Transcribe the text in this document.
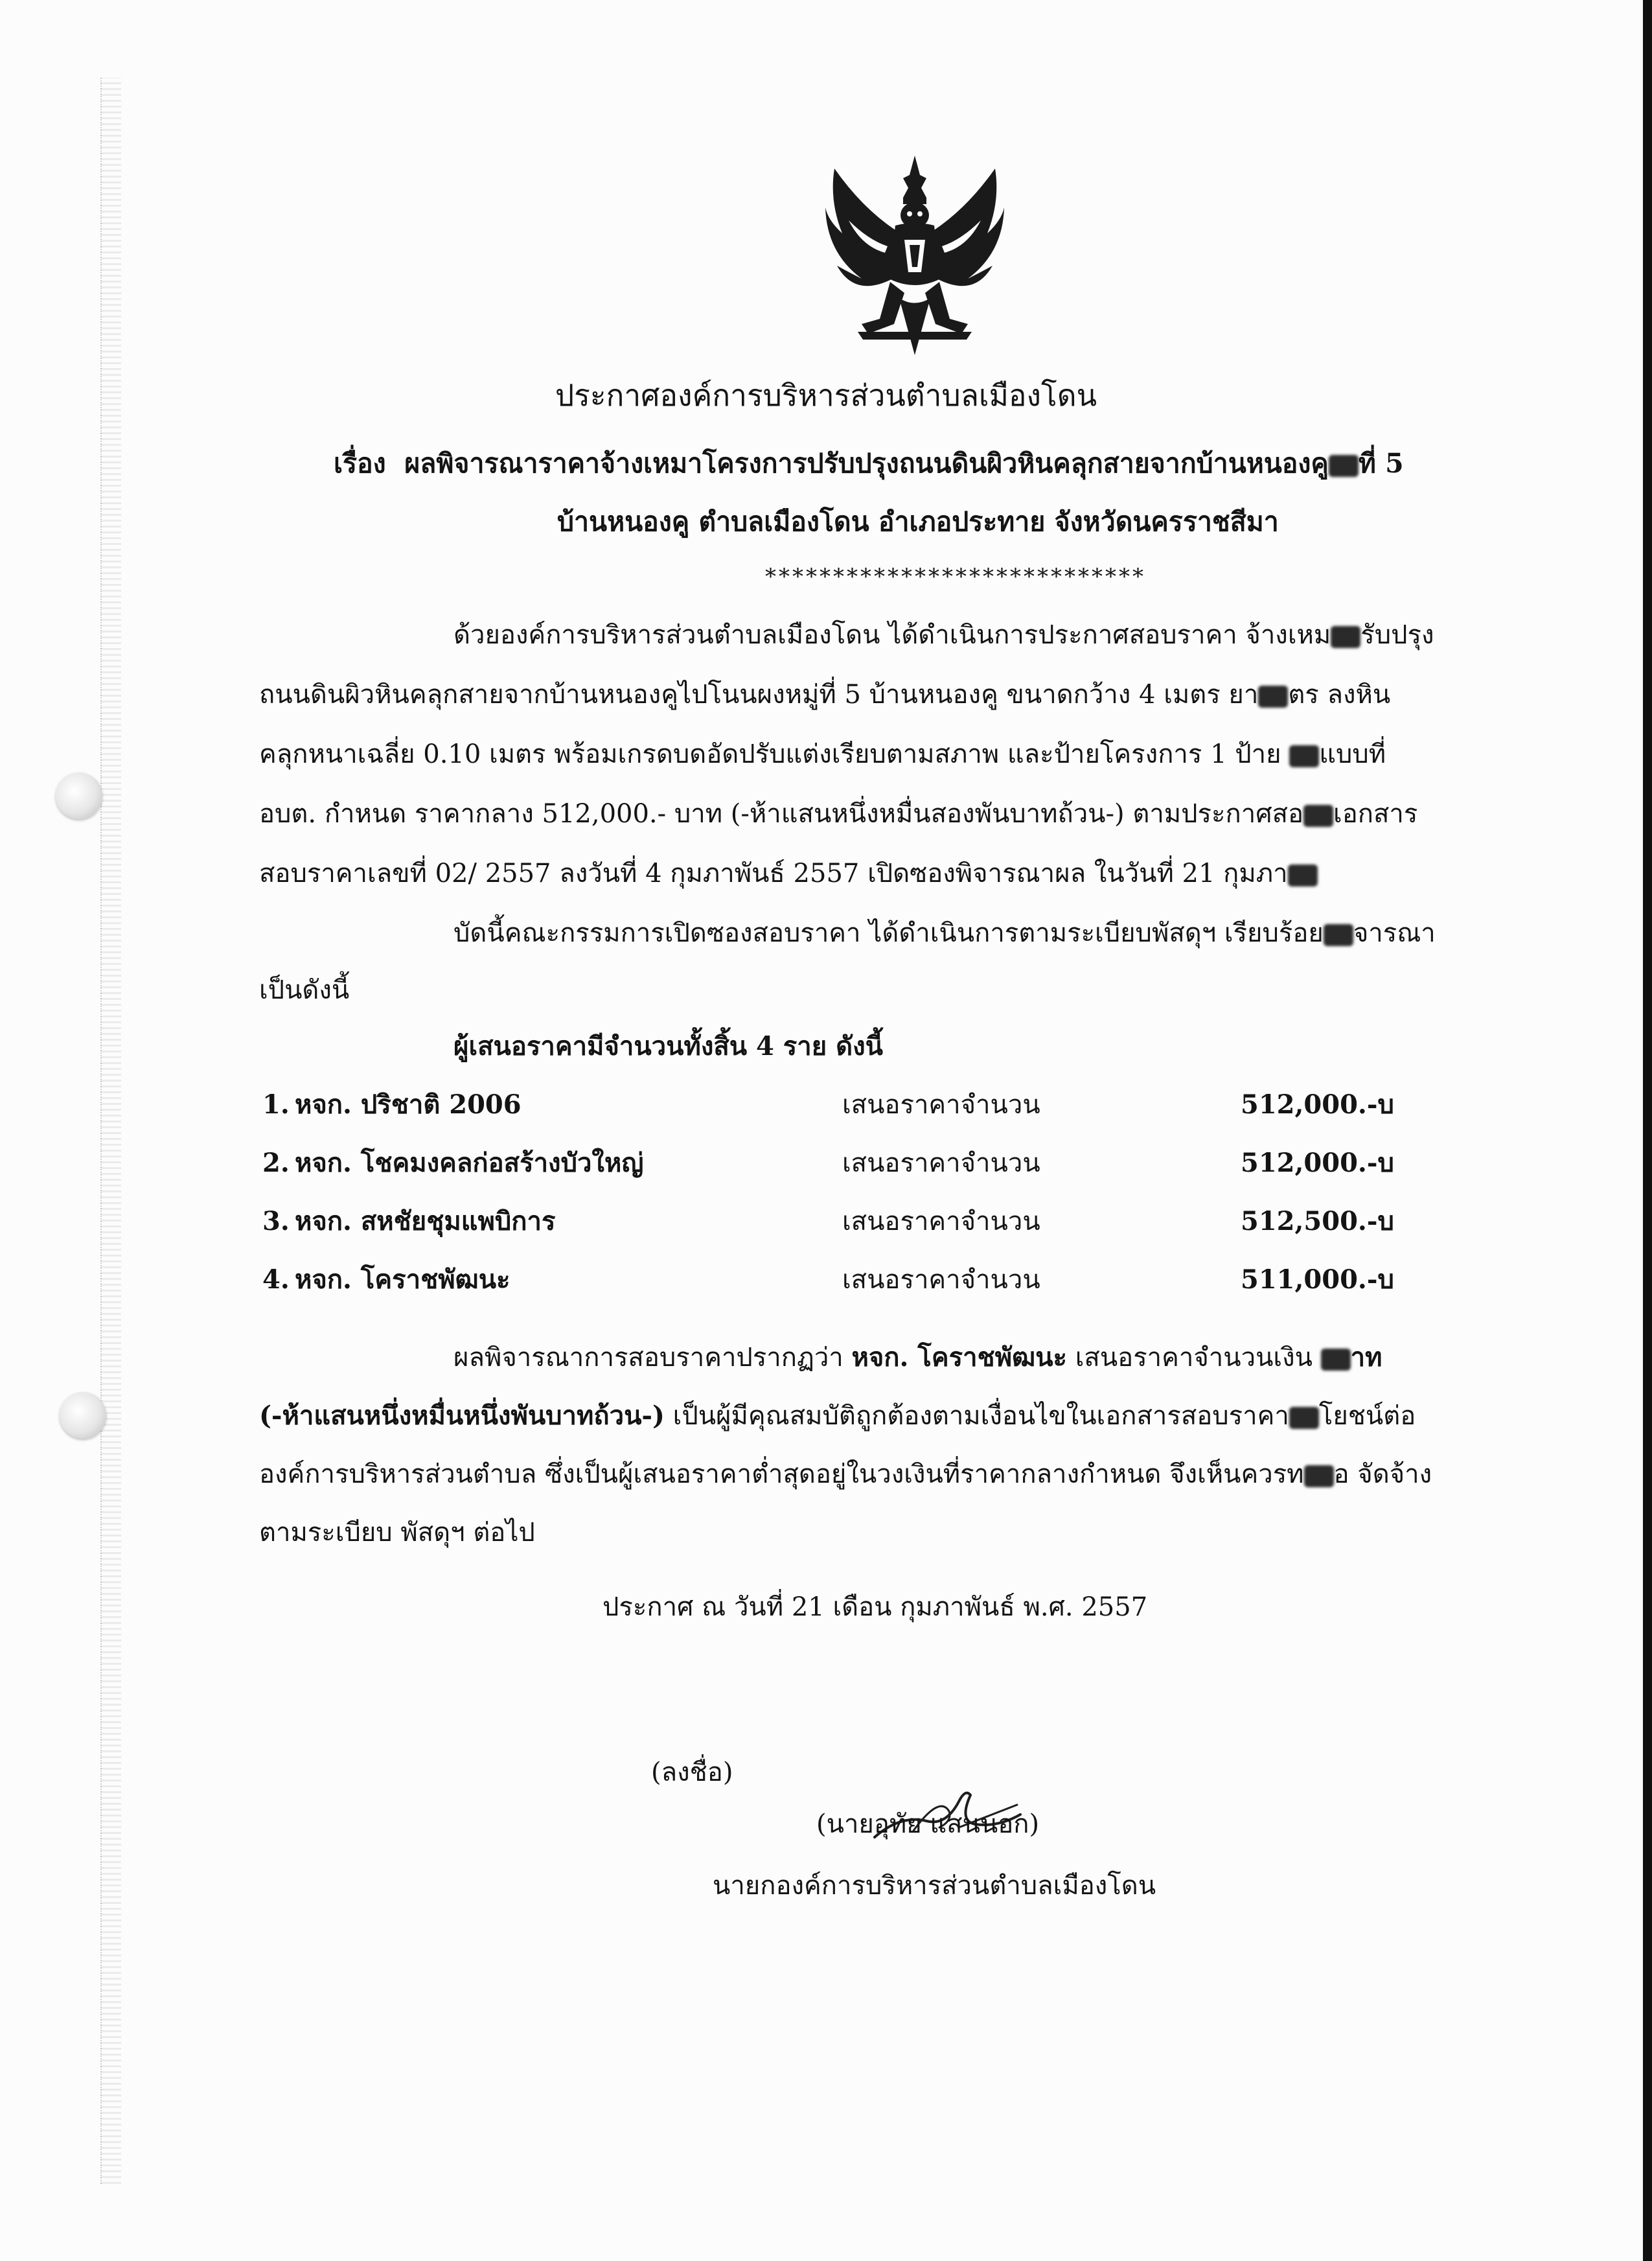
ประกาศองค์การบริหารส่วนตำบลเมืองโดน
เรื่อง ผลพิจารณาราคาจ้างเหมาโครงการปรับปรุงถนนดินผิวหินคลุกสายจากบ้านหนองคู ที่ 5
บ้านหนองคู ตำบลเมืองโดน อำเภอประทาย จังหวัดนครราชสีมา
****************************
ด้วยองค์การบริหารส่วนตำบลเมืองโดน ได้ดำเนินการประกาศสอบราคา จ้างเหม รับปรุง
ถนนดินผิวหินคลุกสายจากบ้านหนองคูไปโนนผงหมู่ที่ 5 บ้านหนองคู ขนาดกว้าง 4 เมตร ยา ตร ลงหิน
คลุกหนาเฉลี่ย 0.10 เมตร พร้อมเกรดบดอัดปรับแต่งเรียบตามสภาพ และป้ายโครงการ 1 ป้าย แบบที่
อบต. กำหนด ราคากลาง 512,000.- บาท (-ห้าแสนหนึ่งหมื่นสองพันบาทถ้วน-) ตามประกาศสอ เอกสาร
สอบราคาเลขที่ 02/ 2557 ลงวันที่ 4 กุมภาพันธ์ 2557 เปิดซองพิจารณาผล ในวันที่ 21 กุมภา
บัดนี้คณะกรรมการเปิดซองสอบราคา ได้ดำเนินการตามระเบียบพัสดุฯ เรียบร้อย จารณา
เป็นดังนี้
ผู้เสนอราคามีจำนวนทั้งสิ้น 4 ราย ดังนี้
1. หจก. ปริชาติ 2006	เสนอราคาจำนวน	512,000.-บ
2. หจก. โชคมงคลก่อสร้างบัวใหญ่	เสนอราคาจำนวน	512,000.-บ
3. หจก. สหชัยชุมแพบิการ	เสนอราคาจำนวน	512,500.-บ
4. หจก. โคราชพัฒนะ	เสนอราคาจำนวน	511,000.-บ
ผลพิจารณาการสอบราคาปรากฏว่า หจก. โคราชพัฒนะ เสนอราคาจำนวนเงิน าท
(-ห้าแสนหนึ่งหมื่นหนึ่งพันบาทถ้วน-) เป็นผู้มีคุณสมบัติถูกต้องตามเงื่อนไขในเอกสารสอบราคา โยชน์ต่อ
องค์การบริหารส่วนตำบล ซึ่งเป็นผู้เสนอราคาต่ำสุดอยู่ในวงเงินที่ราคากลางกำหนด จึงเห็นควรท อ จัดจ้าง
ตามระเบียบ พัสดุฯ ต่อไป
ประกาศ ณ วันที่ 21 เดือน กุมภาพันธ์ พ.ศ. 2557
(ลงชื่อ)
(นายอุทัย แสนนอก)
นายกองค์การบริหารส่วนตำบลเมืองโดน
